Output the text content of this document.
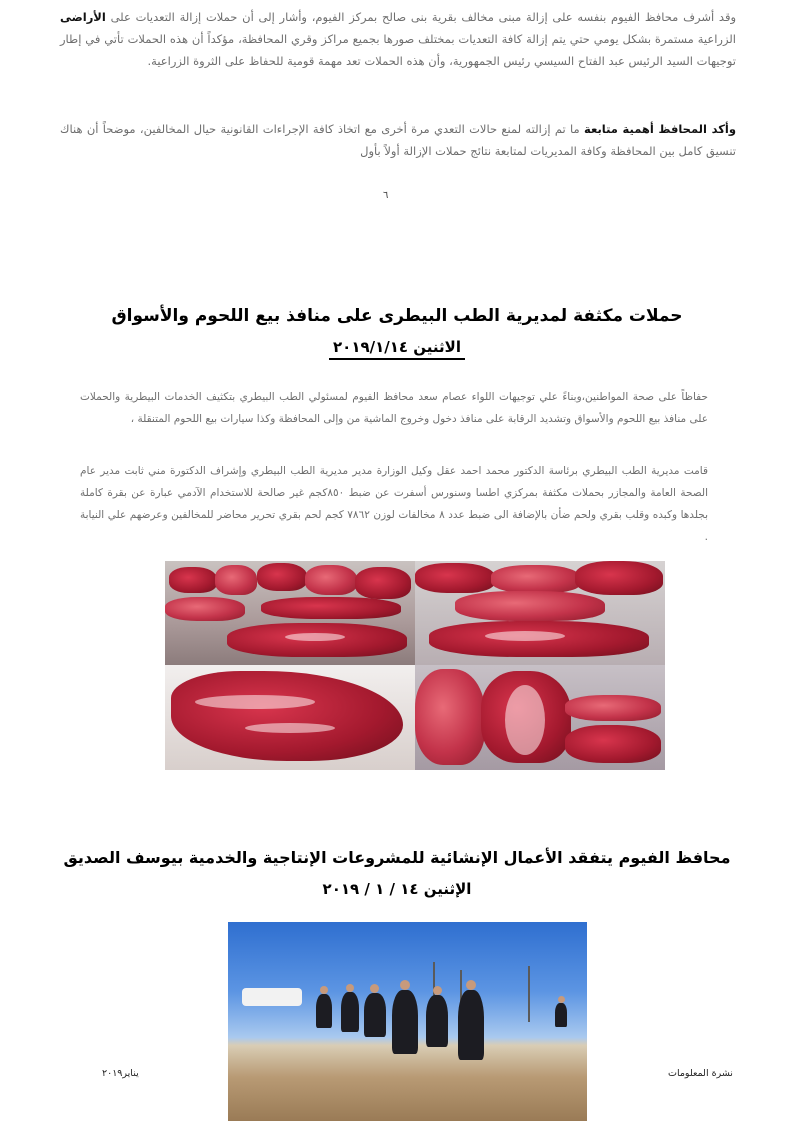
وقد أشرف محافظ الفيوم بنفسه على إزالة مبنى مخالف بقرية بنى صالح بمركز الفيوم، وأشار إلى أن حملات إزالة التعديات على الأراضى الزراعية مستمرة بشكل يومي حتي يتم إزالة كافة التعديات بمختلف صورها بجميع مراكز وقري المحافظة، مؤكداً أن هذه الحملات تأتي في إطار توجيهات السيد الرئيس عبد الفتاح السيسي رئيس الجمهورية، وأن هذه الحملات تعد مهمة قومية للحفاظ على الثروة الزراعية.

وأكد المحافظ أهمية متابعة ما تم إزالته لمنع حالات التعدي مرة أخرى مع اتخاذ كافة الإجراءات القانونية حيال المخالفين، موضحاً أن هناك تنسيق كامل بين المحافظة وكافة المديريات لمتابعة نتائج حملات الإزالة أولاً بأول

٦
حملات مكثفة لمديرية الطب البيطرى على منافذ بيع اللحوم والأسواق
الاثنين ٢٠١٩/١/١٤

حفاظاً على صحة المواطنين،وبناءً علي توجيهات اللواء عصام سعد محافظ الفيوم لمسئولي الطب البيطري بتكثيف الخدمات البيطرية والحملات على منافذ بيع اللحوم والأسواق وتشديد الرقابة على منافذ دخول وخروج الماشية من وإلى المحافظة وكذا سيارات بيع اللحوم المتنقلة ،

قامت مديرية الطب البيطري برئاسة الدكتور محمد احمد عقل وكيل الوزارة مدير مديرية الطب البيطري وإشراف الدكتورة مني ثابت مدير عام الصحة العامة والمجازر بحملات مكثفة بمركزي اطسا وسنورس أسفرت عن ضبط ٨٥٠كجم غير صالحة للاستخدام الآدمي عبارة عن بقرة كاملة بجلدها وكبده وقلب بقري ولحم ضأن بالإضافة الى ضبط عدد ٨ مخالفات لوزن ٧٨٦٢ كجم لحم بقري تحرير محاضر للمخالفين وعرضهم علي النيابة .

محافظ الفيوم يتفقد الأعمال الإنشائية للمشروعات الإنتاجية والخدمية بيوسف الصديق
الإثنين ١٤ / ١ / ٢٠١٩
نشرة المعلومات
يناير٢٠١٩
